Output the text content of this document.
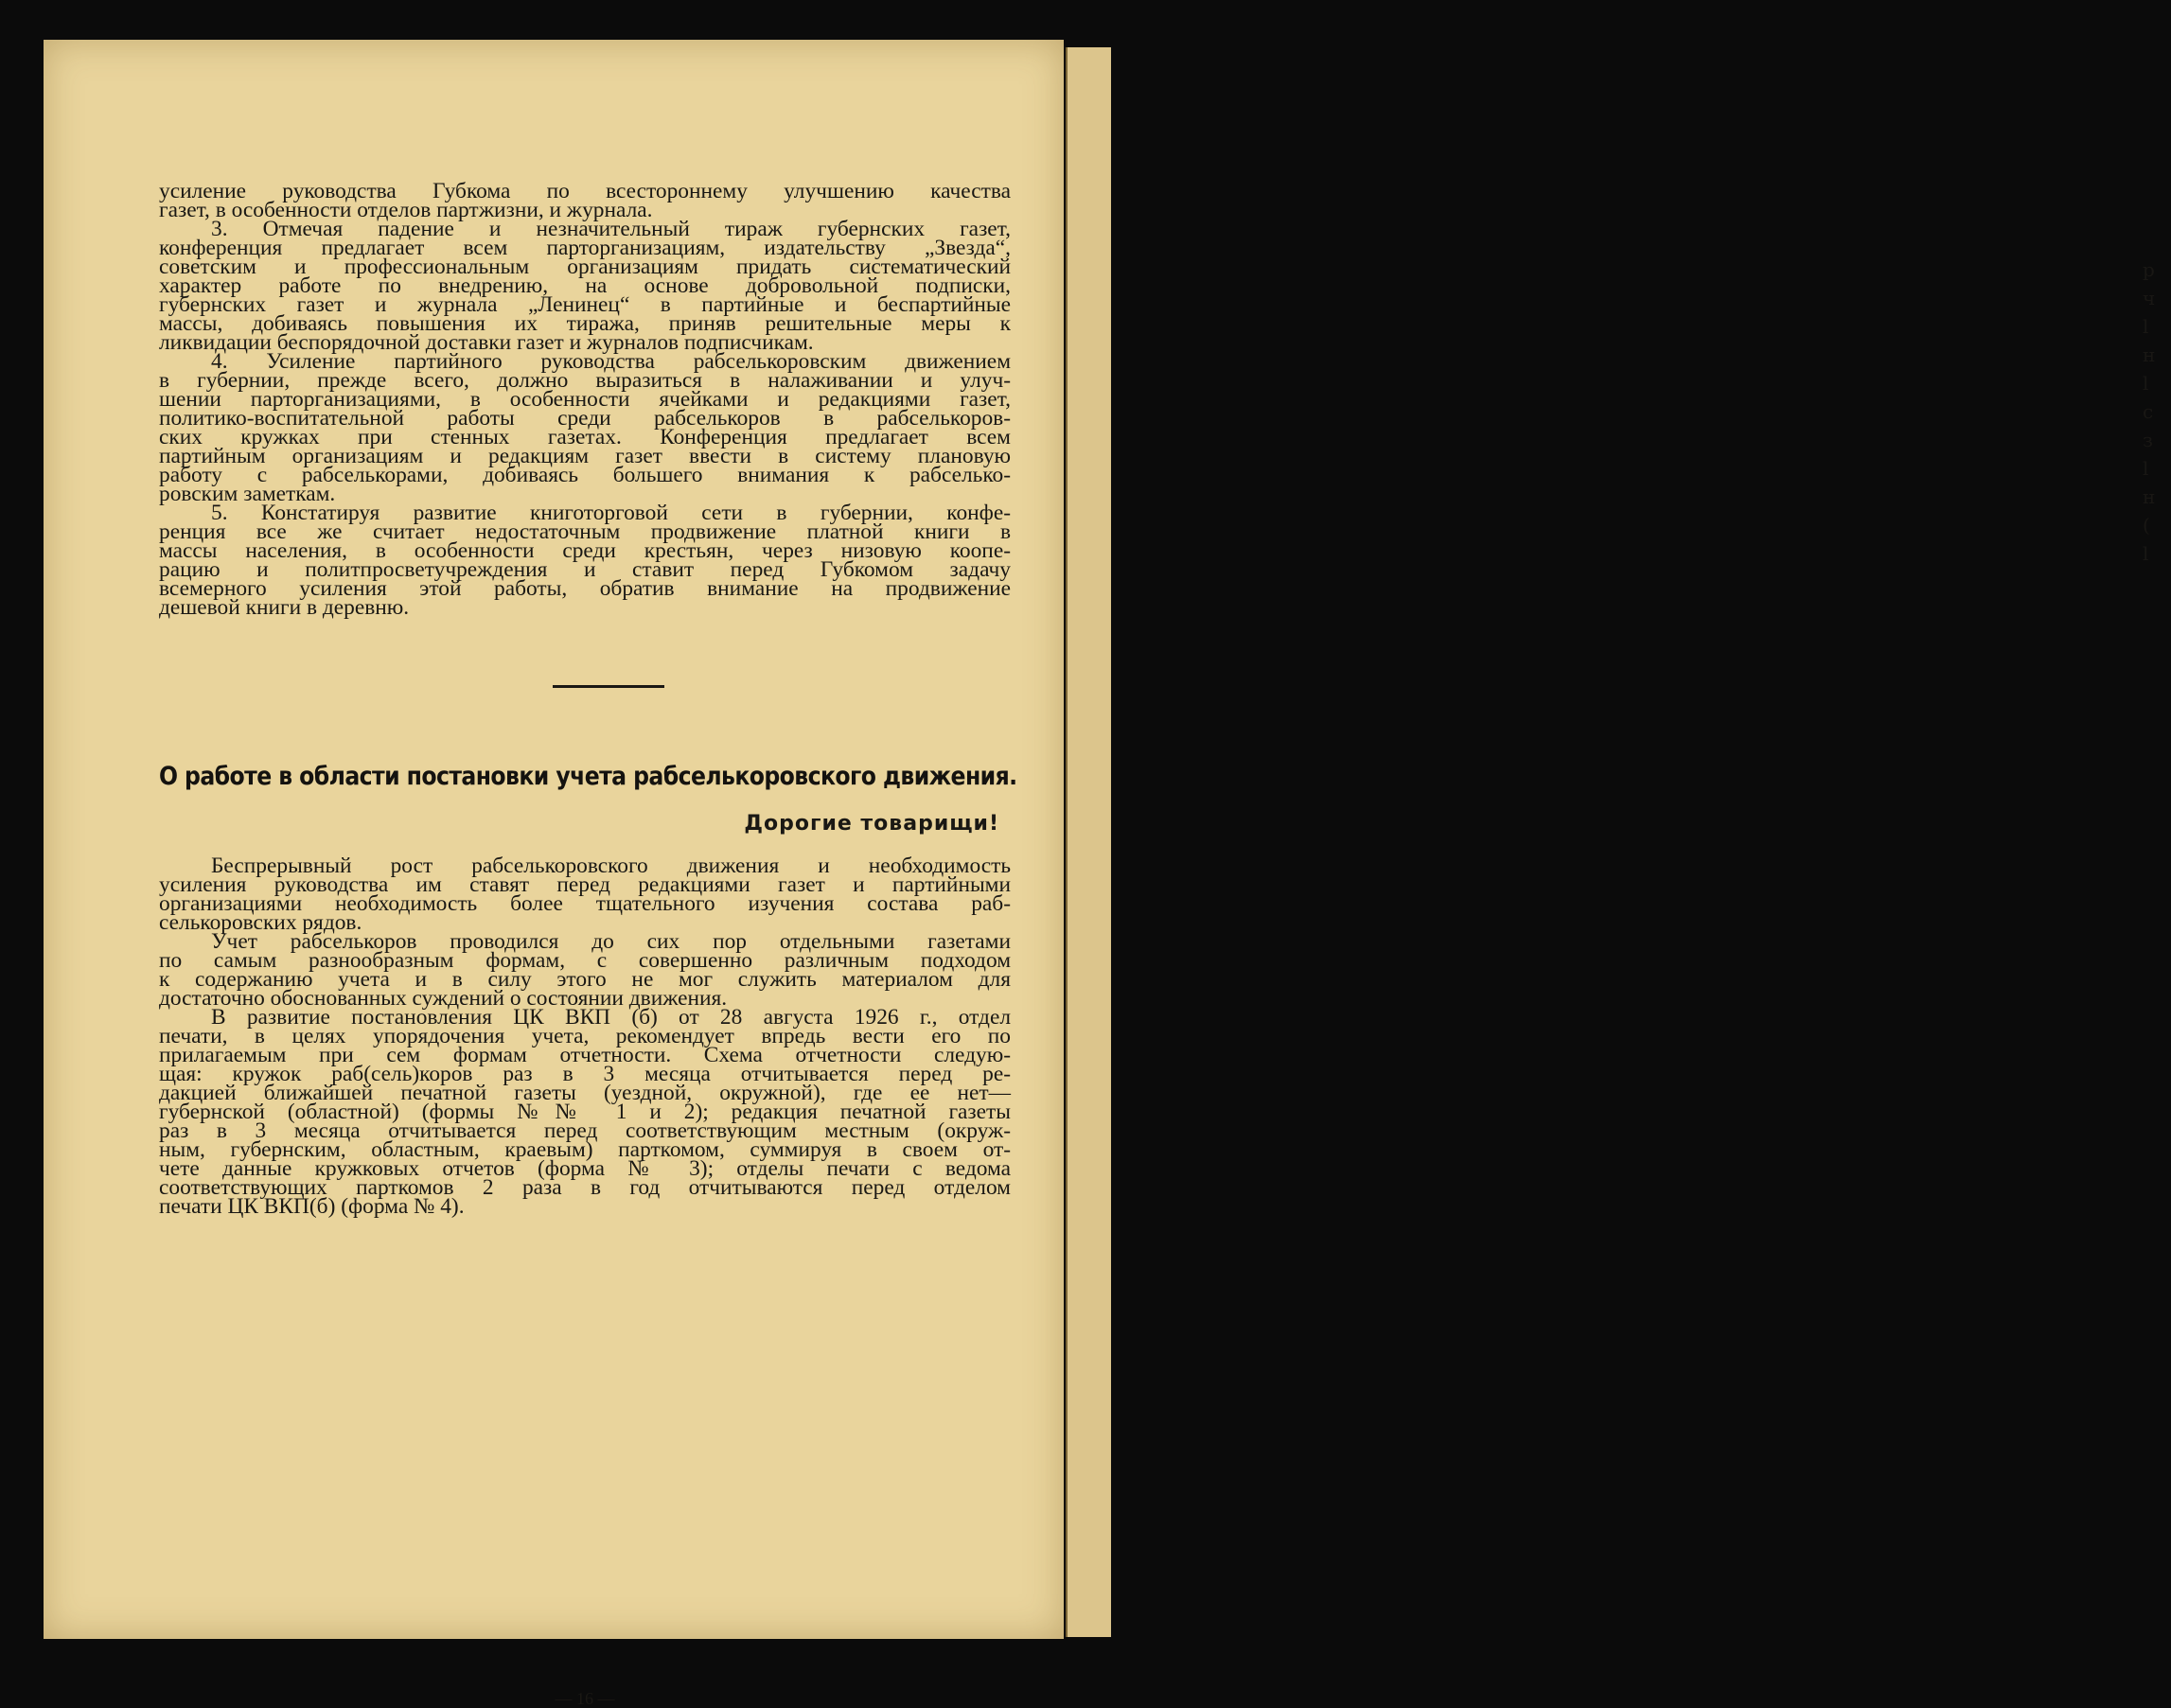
р
ч
l
н
l
с
з
l
н
(
l
усиление руководства Губкома по всестороннему улучшению качества
газет, в особенности отделов партжизни, и журнала.
3. Отмечая падение и незначительный тираж губернских газет,
конференция предлагает всем парторганизациям, издательству „Звезда“,
советским и профессиональным организациям придать систематический
характер работе по внедрению, на основе добровольной подписки,
губернских газет и журнала „Ленинец“ в партийные и беспартийные
массы, добиваясь повышения их тиража, приняв решительные меры к
ликвидации беспорядочной доставки газет и журналов подписчикам.
4. Усиление партийного руководства рабселькоровским движением
в губернии, прежде всего, должно выразиться в налаживании и улуч-
шении парторганизациями, в особенности ячейками и редакциями газет,
политико-воспитательной работы среди рабселькоров в рабселькоров-
ских кружках при стенных газетах. Конференция предлагает всем
партийным организациям и редакциям газет ввести в систему плановую
работу с рабселькорами, добиваясь большего внимания к рабселько-
ровским заметкам.
5. Констатируя развитие книготорговой сети в губернии, конфе-
ренция все же считает недостаточным продвижение платной книги в
массы населения, в особенности среди крестьян, через низовую коопе-
рацию и политпросветучреждения и ставит перед Губкомом задачу
всемерного усиления этой работы, обратив внимание на продвижение
дешевой книги в деревню.
О работе в области постановки учета рабселькоровского движения.
Дорогие товарищи!
Беспрерывный рост рабселькоровского движения и необходимость
усиления руководства им ставят перед редакциями газет и партийными
организациями необходимость более тщательного изучения состава раб-
селькоровских рядов.
Учет рабселькоров проводился до сих пор отдельными газетами
по самым разнообразным формам, с совершенно различным подходом
к содержанию учета и в силу этого не мог служить материалом для
достаточно обоснованных суждений о состоянии движения.
В развитие постановления ЦК ВКП (б) от 28 августа 1926 г., отдел
печати, в целях упорядочения учета, рекомендует впредь вести его по
прилагаемым при сем формам отчетности. Схема отчетности следую-
щая: кружок раб(сель)коров раз в 3 месяца отчитывается перед ре-
дакцией ближайшей печатной газеты (уездной, окружной), где ее нет—
губернской (областной) (формы №№ 1 и 2); редакция печатной газеты
раз в 3 месяца отчитывается перед соответствующим местным (окруж-
ным, губернским, областным, краевым) парткомом, суммируя в своем от-
чете данные кружковых отчетов (форма № 3); отделы печати с ведома
соответствующих парткомов 2 раза в год отчитываются перед отделом
печати ЦК ВКП(б) (форма № 4).
— 16 —
